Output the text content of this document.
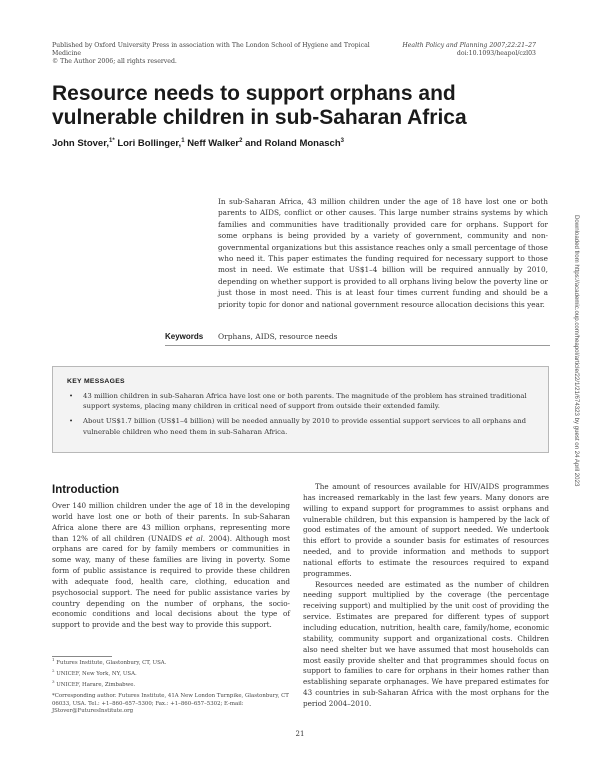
Published by Oxford University Press in association with The London School of Hygiene and Tropical Medicine
© The Author 2006; all rights reserved.
Health Policy and Planning 2007;22:21–27
doi:10.1093/heapol/czl03
Resource needs to support orphans and vulnerable children in sub-Saharan Africa
John Stover,$^{1*}$ Lori Bollinger,$^1$ Neff Walker$^2$ and Roland Monasch$^3$
In sub-Saharan Africa, 43 million children under the age of 18 have lost one or both parents to AIDS, conflict or other causes. This large number strains systems by which families and communities have traditionally provided care for orphans. Support for some orphans is being provided by a variety of government, community and non-governmental organizations but this assistance reaches only a small percentage of those who need it. This paper estimates the funding required for necessary support to those most in need. We estimate that US$1–4 billion will be required annually by 2010, depending on whether support is provided to all orphans living below the poverty line or just those in most need. This is at least four times current funding and should be a priority topic for donor and national government resource allocation decisions this year.
Keywords Orphans, AIDS, resource needs
KEY MESSAGES
• 43 million children in sub-Saharan Africa have lost one or both parents. The magnitude of the problem has strained traditional support systems, placing many children in critical need of support from outside their extended family.
• About US$1.7 billion (US$1–4 billion) will be needed annually by 2010 to provide essential support services to all orphans and vulnerable children who need them in sub-Saharan Africa.
Introduction
Over 140 million children under the age of 18 in the developing world have lost one or both of their parents. In sub-Saharan Africa alone there are 43 million orphans, representing more than 12% of all children (UNAIDS et al. 2004). Although most orphans are cared for by family members or communities in some way, many of these families are living in poverty. Some form of public assistance is required to provide these children with adequate food, health care, clothing, education and psychosocial support. The need for public assistance varies by country depending on the number of orphans, the socio-economic conditions and local decisions about the type of support to provide and the best way to provide this support.

The amount of resources available for HIV/AIDS programmes has increased remarkably in the last few years. Many donors are willing to expand support for programmes to assist orphans and vulnerable children, but this expansion is hampered by the lack of good estimates of the amount of support needed. We undertook this effort to provide a sounder basis for estimates of resources needed, and to provide information and methods to support national efforts to estimate the resources required to expand programmes.

Resources needed are estimated as the number of children needing support multiplied by the coverage (the percentage receiving support) and multiplied by the unit cost of providing the service. Estimates are prepared for different types of support including education, nutrition, health care, family/home, economic stability, community support and organizational costs. Children also need shelter but we have assumed that most households can most easily provide shelter and that programmes should focus on support to families to care for orphans in their homes rather than establishing separate orphanages. We have prepared estimates for 43 countries in sub-Saharan Africa with the most orphans for the period 2004–2010.

$^1$ Futures Institute, Glastonbury, CT, USA.
$^2$ UNICEF, New York, NY, USA.
$^3$ UNICEF, Harare, Zimbabwe.
*Corresponding author. Futures Institute, 41A New London Turnpike, Glastonbury, CT 06033, USA. Tel.: +1–860–657–5300; Fax.: +1–860–657–5302; E-mail: JStover@FuturesInstitute.org
21
Downloaded from https://academic.oup.com/heapol/article/22/1/21/674323 by guest on 24 April 2023
